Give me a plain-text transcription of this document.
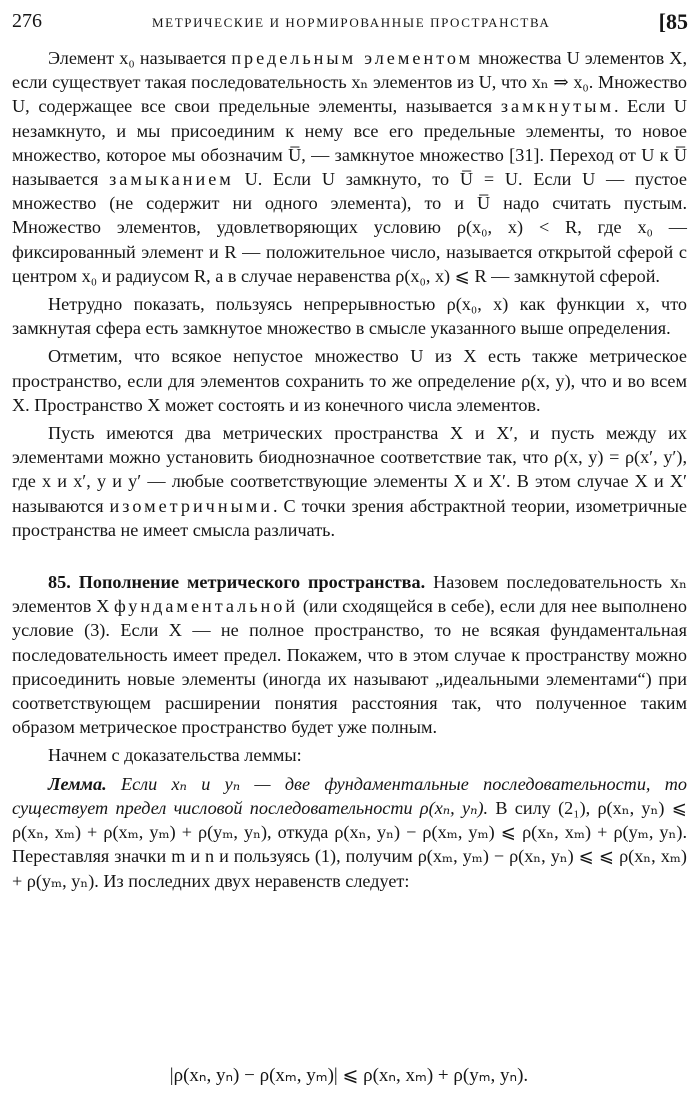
276	МЕТРИЧЕСКИЕ И НОРМИРОВАННЫЕ ПРОСТРАНСТВА	[85

Элемент x₀ называется предельным элементом множества U элементов X, если существует такая последовательность xₙ элементов из U, что xₙ ⇒ x₀. Множество U, содержащее все свои предельные элементы, называется замкнутым. Если U незамкнуто, и мы присоединим к нему все его предельные элементы, то новое множество, которое мы обозначим U̅, — замкнутое множество [31]. Переход от U к U̅ называется замыканием U. Если U замкнуто, то U̅ = U. Если U — пустое множество (не содержит ни одного элемента), то и U̅ надо считать пустым. Множество элементов, удовлетворяющих условию ρ(x₀, x) < R, где x₀ — фиксированный элемент и R — положительное число, называется открытой сферой с центром x₀ и радиусом R, а в случае неравенства ρ(x₀, x) ⩽ R — замкнутой сферой.

Нетрудно показать, пользуясь непрерывностью ρ(x₀, x) как функции x, что замкнутая сфера есть замкнутое множество в смысле указанного выше определения.

Отметим, что всякое непустое множество U из X есть также метрическое пространство, если для элементов сохранить то же определение ρ(x, y), что и во всем X. Пространство X может состоять и из конечного числа элементов.

Пусть имеются два метрических пространства X и X′, и пусть между их элементами можно установить биоднозначное соответствие так, что ρ(x, y) = ρ(x′, y′), где x и x′, y и y′ — любые соответствующие элементы X и X′. В этом случае X и X′ называются изометричными. С точки зрения абстрактной теории, изометричные пространства не имеет смысла различать.

85. Пополнение метрического пространства. Назовем последовательность xₙ элементов X фундаментальной (или сходящейся в себе), если для нее выполнено условие (3). Если X — не полное пространство, то не всякая фундаментальная последовательность имеет предел. Покажем, что в этом случае к пространству можно присоединить новые элементы (иногда их называют „идеальными элементами“) при соответствующем расширении понятия расстояния так, что полученное таким образом метрическое пространство будет уже полным.

Начнем с доказательства леммы:

Лемма. Если xₙ и yₙ — две фундаментальные последовательности, то существует предел числовой последовательности ρ(xₙ, yₙ). В силу (2₁), ρ(xₙ, yₙ) ⩽ ρ(xₙ, xₘ) + ρ(xₘ, yₘ) + ρ(yₘ, yₙ), откуда ρ(xₙ, yₙ) − ρ(xₘ, yₘ) ⩽ ρ(xₙ, xₘ) + ρ(yₘ, yₙ). Переставляя значки m и n и пользуясь (1), получим ρ(xₘ, yₘ) − ρ(xₙ, yₙ) ⩽ ⩽ ρ(xₙ, xₘ) + ρ(yₘ, yₙ). Из последних двух неравенств следует:

|ρ(xₙ, yₙ) − ρ(xₘ, yₘ)| ⩽ ρ(xₙ, xₘ) + ρ(yₘ, yₙ).
